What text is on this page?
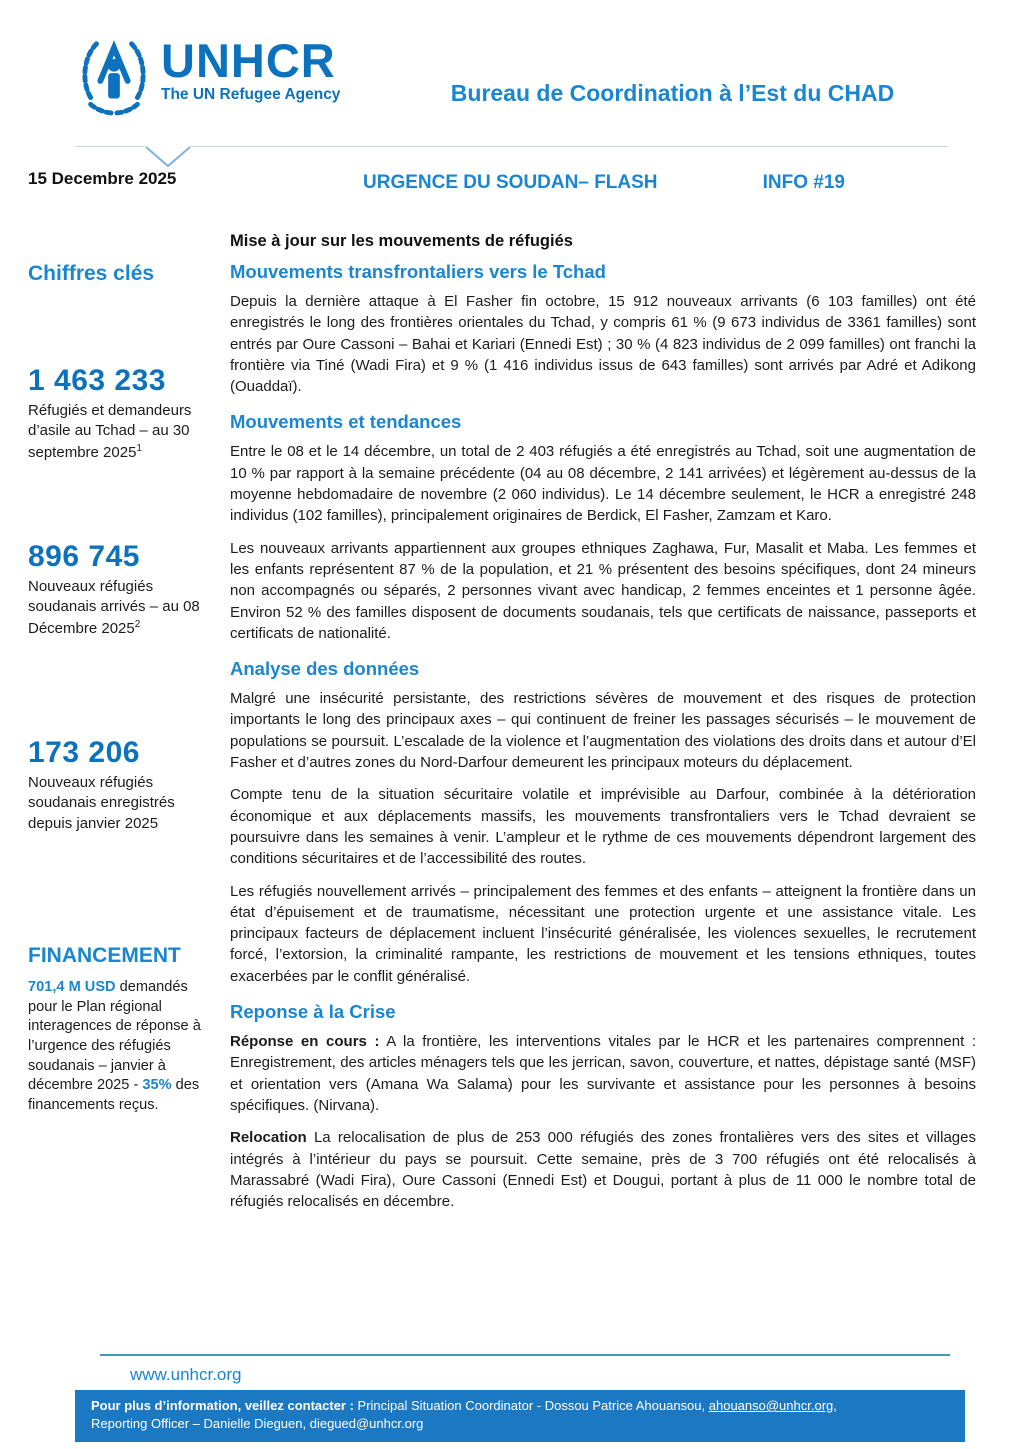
UNHCR
The UN Refugee Agency	Bureau de Coordination à l’Est du CHAD
15 Decembre 2025	URGENCE DU SOUDAN– FLASH	INFO #19
Chiffres clés
1 463 233
Réfugiés et demandeurs d’asile au Tchad – au 30 septembre 2025$^1$
896 745
Nouveaux réfugiés soudanais arrivés – au 08 Décembre 2025$^2$
173 206
Nouveaux réfugiés soudanais enregistrés depuis janvier 2025
FINANCEMENT
701,4 M USD demandés pour le Plan régional interagences de réponse à l’urgence des réfugiés soudanais – janvier à décembre 2025 - 35% des financements reçus.
Mise à jour sur les mouvements de réfugiés
Mouvements transfrontaliers vers le Tchad

Depuis la dernière attaque à El Fasher fin octobre, 15 912 nouveaux arrivants (6 103 familles) ont été enregistrés le long des frontières orientales du Tchad, y compris 61 % (9 673 individus de 3361 familles) sont entrés par Oure Cassoni – Bahai et Kariari (Ennedi Est) ; 30 % (4 823 individus de 2 099 familles) ont franchi la frontière via Tiné (Wadi Fira) et 9 % (1 416 individus issus de 643 familles) sont arrivés par Adré et Adikong (Ouaddaï).

Mouvements et tendances

Entre le 08 et le 14 décembre, un total de 2 403 réfugiés a été enregistrés au Tchad, soit une augmentation de 10 % par rapport à la semaine précédente (04 au 08 décembre, 2 141 arrivées) et légèrement au-dessus de la moyenne hebdomadaire de novembre (2 060 individus). Le 14 décembre seulement, le HCR a enregistré 248 individus (102 familles), principalement originaires de Berdick, El Fasher, Zamzam et Karo.

Les nouveaux arrivants appartiennent aux groupes ethniques Zaghawa, Fur, Masalit et Maba. Les femmes et les enfants représentent 87 % de la population, et 21 % présentent des besoins spécifiques, dont 24 mineurs non accompagnés ou séparés, 2 personnes vivant avec handicap, 2 femmes enceintes et 1 personne âgée. Environ 52 % des familles disposent de documents soudanais, tels que certificats de naissance, passeports et certificats de nationalité.

Analyse des données

Malgré une insécurité persistante, des restrictions sévères de mouvement et des risques de protection importants le long des principaux axes – qui continuent de freiner les passages sécurisés – le mouvement de populations se poursuit. L’escalade de la violence et l’augmentation des violations des droits dans et autour d’El Fasher et d’autres zones du Nord-Darfour demeurent les principaux moteurs du déplacement.

Compte tenu de la situation sécuritaire volatile et imprévisible au Darfour, combinée à la détérioration économique et aux déplacements massifs, les mouvements transfrontaliers vers le Tchad devraient se poursuivre dans les semaines à venir. L’ampleur et le rythme de ces mouvements dépendront largement des conditions sécuritaires et de l’accessibilité des routes.

Les réfugiés nouvellement arrivés – principalement des femmes et des enfants – atteignent la frontière dans un état d’épuisement et de traumatisme, nécessitant une protection urgente et une assistance vitale. Les principaux facteurs de déplacement incluent l’insécurité généralisée, les violences sexuelles, le recrutement forcé, l’extorsion, la criminalité rampante, les restrictions de mouvement et les tensions ethniques, toutes exacerbées par le conflit généralisé.

Reponse à la Crise

Réponse en cours : A la frontière, les interventions vitales par le HCR et les partenaires comprennent : Enregistrement, des articles ménagers tels que les jerrican, savon, couverture, et nattes, dépistage santé (MSF) et orientation vers (Amana Wa Salama) pour les survivante et assistance pour les personnes à besoins spécifiques. (Nirvana).

Relocation La relocalisation de plus de 253 000 réfugiés des zones frontalières vers des sites et villages intégrés à l’intérieur du pays se poursuit. Cette semaine, près de 3 700 réfugiés ont été relocalisés à Marassabré (Wadi Fira), Oure Cassoni (Ennedi Est) et Dougui, portant à plus de 11 000 le nombre total de réfugiés relocalisés en décembre.

www.unhcr.org
Pour plus d’information, veillez contacter : Principal Situation Coordinator - Dossou Patrice Ahouansou, ahouanso@unhcr.org,
Reporting Officer – Danielle Dieguen, diegued@unhcr.org
